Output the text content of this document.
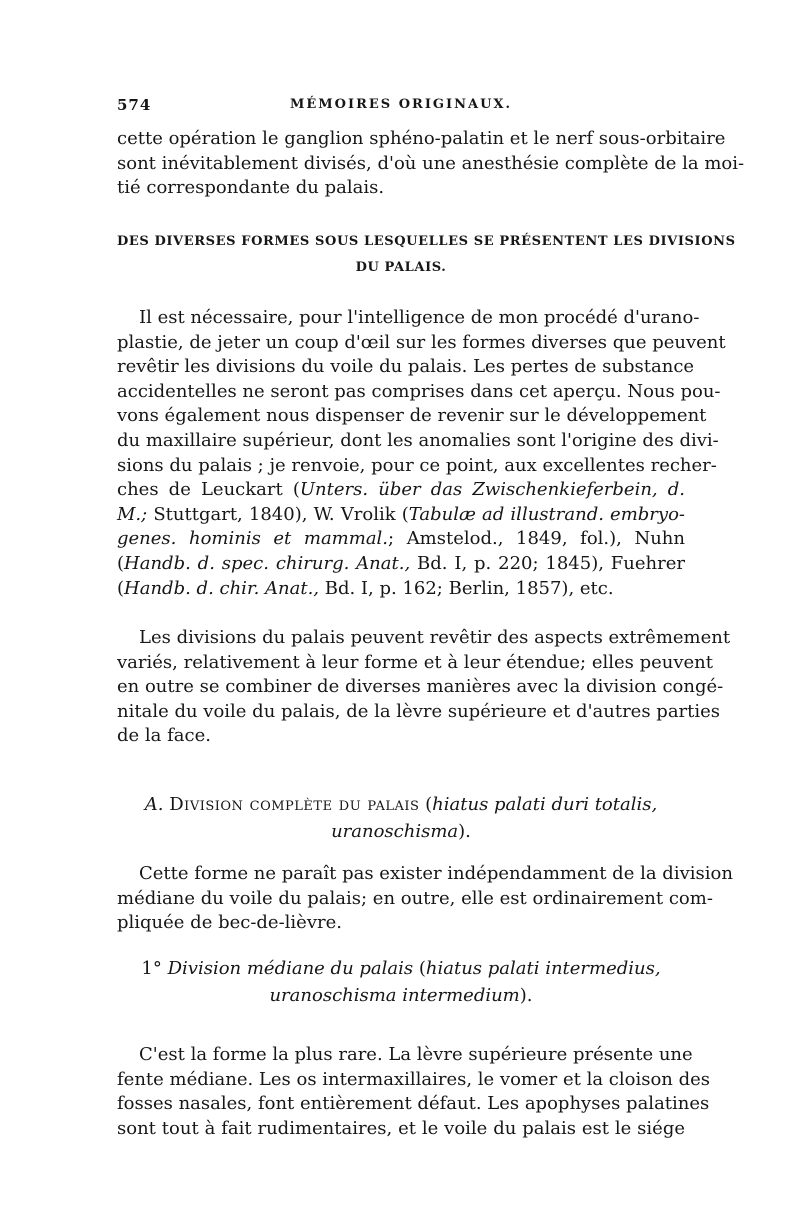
574	MÉMOIRES ORIGINAUX.
cette opération le ganglion sphéno-palatin et le nerf sous-orbitaire
sont inévitablement divisés, d'où une anesthésie complète de la moi-
tié correspondante du palais.
DES DIVERSES FORMES SOUS LESQUELLES SE PRÉSENTENT LES DIVISIONS
DU PALAIS.
Il est nécessaire, pour l'intelligence de mon procédé d'urano-
plastie, de jeter un coup d'œil sur les formes diverses que peuvent
revêtir les divisions du voile du palais. Les pertes de substance
accidentelles ne seront pas comprises dans cet aperçu. Nous pou-
vons également nous dispenser de revenir sur le développement
du maxillaire supérieur, dont les anomalies sont l'origine des divi-
sions du palais ; je renvoie, pour ce point, aux excellentes recher-
ches de Leuckart (Unters. über das Zwischenkieferbein, d.
M.; Stuttgart, 1840), W. Vrolik (Tabulæ ad illustrand. embryo-
genes. hominis et mammal.; Amstelod., 1849, fol.), Nuhn
(Handb. d. spec. chirurg. Anat., Bd. I, p. 220; 1845), Fuehrer
(Handb. d. chir. Anat., Bd. I, p. 162; Berlin, 1857), etc.
Les divisions du palais peuvent revêtir des aspects extrêmement
variés, relativement à leur forme et à leur étendue; elles peuvent
en outre se combiner de diverses manières avec la division congé-
nitale du voile du palais, de la lèvre supérieure et d'autres parties
de la face.
A. Division complète du palais (hiatus palati duri totalis,
uranoschisma).
Cette forme ne paraît pas exister indépendamment de la division
médiane du voile du palais; en outre, elle est ordinairement com-
pliquée de bec-de-lièvre.
1° Division médiane du palais (hiatus palati intermedius,
uranoschisma intermedium).
C'est la forme la plus rare. La lèvre supérieure présente une
fente médiane. Les os intermaxillaires, le vomer et la cloison des
fosses nasales, font entièrement défaut. Les apophyses palatines
sont tout à fait rudimentaires, et le voile du palais est le siége
